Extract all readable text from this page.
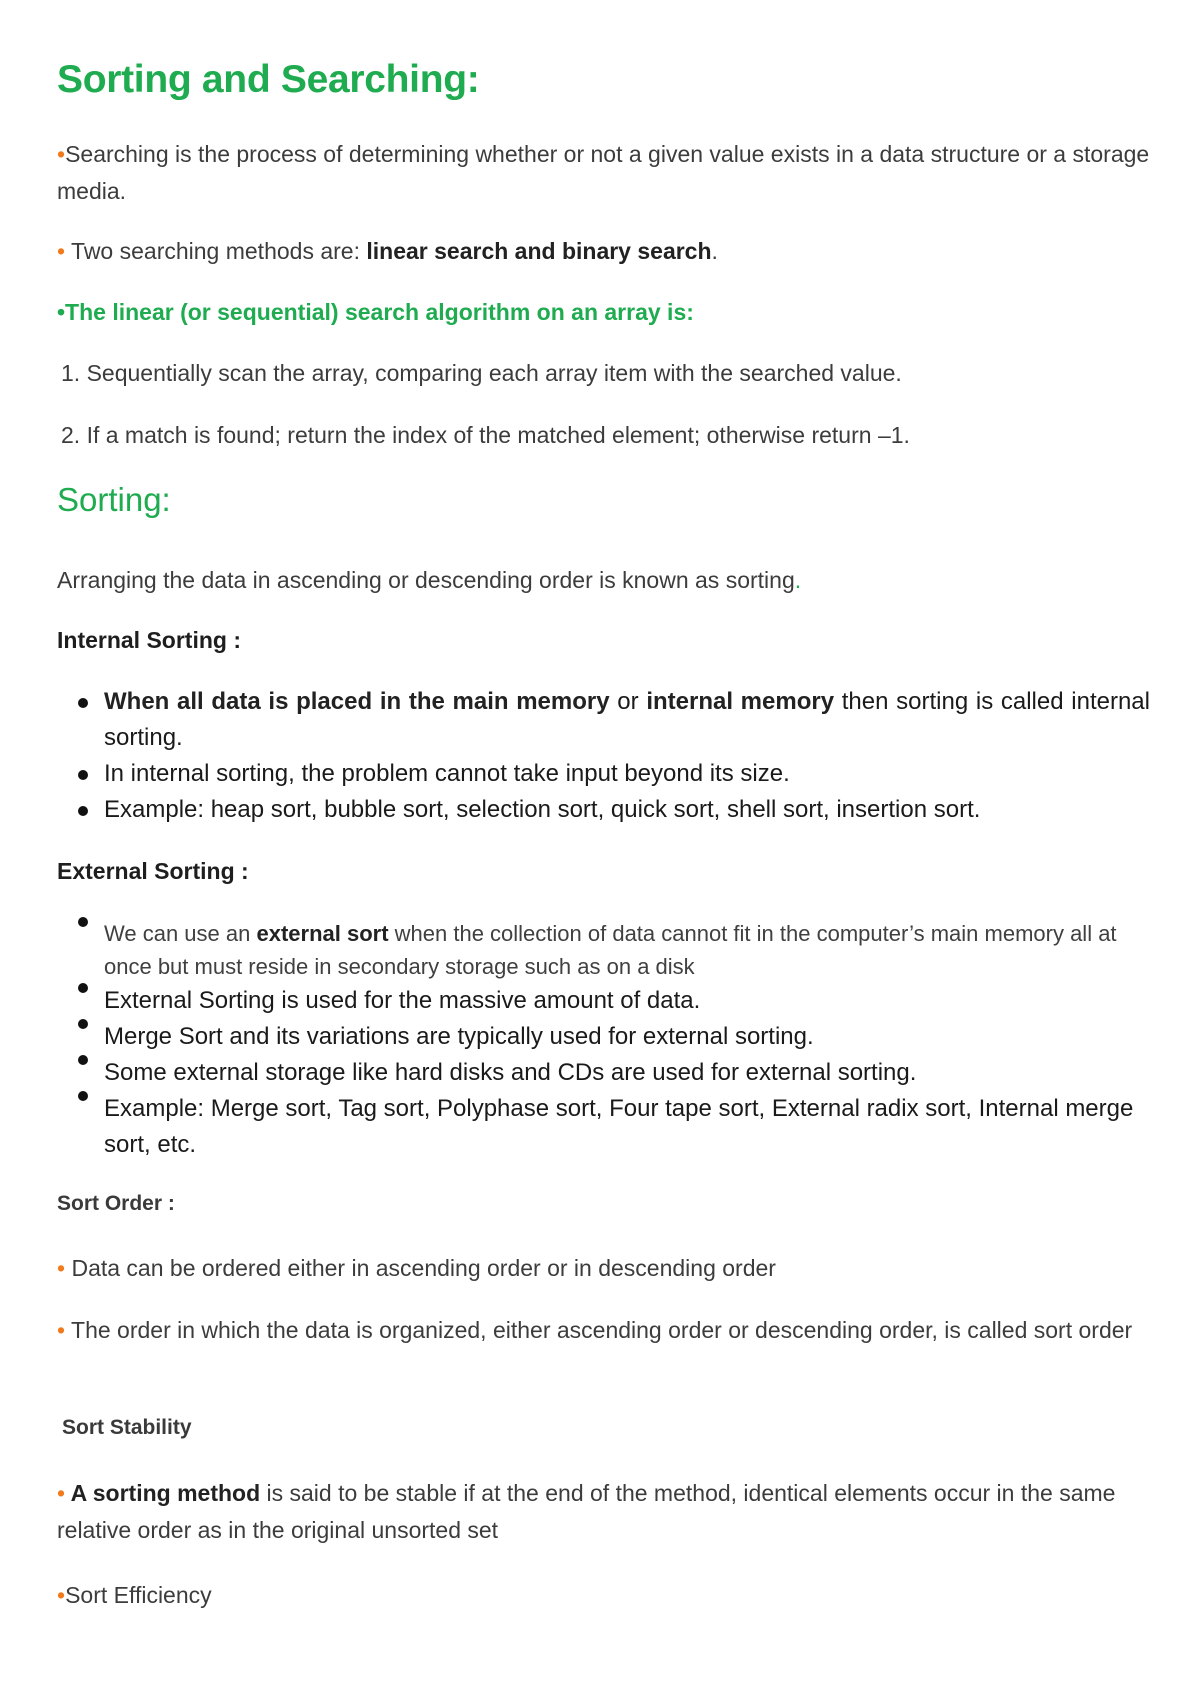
Sorting and Searching:
•Searching is the process of determining whether or not a given value exists in a data structure or a storage media.
• Two searching methods are: linear search and binary search.
•The linear (or sequential) search algorithm on an array is:
1. Sequentially scan the array, comparing each array item with the searched value.
2. If a match is found; return the index of the matched element; otherwise return –1.
Sorting:
Arranging the data in ascending or descending order is known as sorting.
Internal Sorting :
When all data is placed in the main memory or internal memory then sorting is called internal sorting.
In internal sorting, the problem cannot take input beyond its size.
Example: heap sort, bubble sort, selection sort, quick sort, shell sort, insertion sort.
External Sorting :
We can use an external sort when the collection of data cannot fit in the computer’s main memory all at once but must reside in secondary storage such as on a disk
External Sorting is used for the massive amount of data.
Merge Sort and its variations are typically used for external sorting.
Some external storage like hard disks and CDs are used for external sorting.
Example: Merge sort, Tag sort, Polyphase sort, Four tape sort, External radix sort, Internal merge sort, etc.
Sort Order :
• Data can be ordered either in ascending order or in descending order
• The order in which the data is organized, either ascending order or descending order, is called sort order
Sort Stability
• A sorting method is said to be stable if at the end of the method, identical elements occur in the same relative order as in the original unsorted set
•Sort Efficiency
